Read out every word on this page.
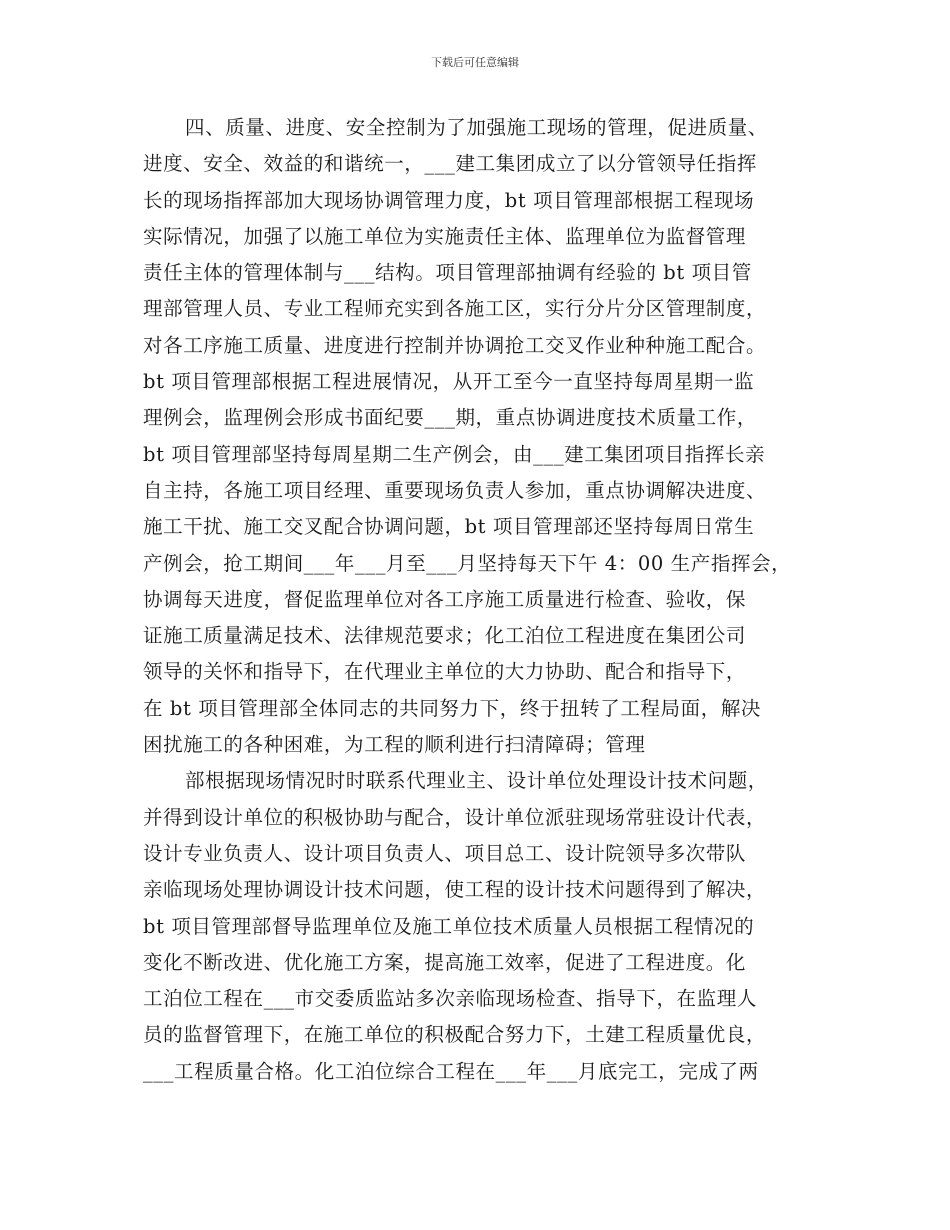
下载后可任意编辑
四、质量、进度、安全控制为了加强施工现场的管理，促进质量、
进度、安全、效益的和谐统一，___建工集团成立了以分管领导任指挥
长的现场指挥部加大现场协调管理力度，bt 项目管理部根据工程现场
实际情况，加强了以施工单位为实施责任主体、监理单位为监督管理
责任主体的管理体制与___结构。项目管理部抽调有经验的 bt 项目管
理部管理人员、专业工程师充实到各施工区，实行分片分区管理制度，
对各工序施工质量、进度进行控制并协调抢工交叉作业种种施工配合。
bt 项目管理部根据工程进展情况，从开工至今一直坚持每周星期一监
理例会，监理例会形成书面纪要___期，重点协调进度技术质量工作，
bt 项目管理部坚持每周星期二生产例会，由___建工集团项目指挥长亲
自主持，各施工项目经理、重要现场负责人参加，重点协调解决进度、
施工干扰、施工交叉配合协调问题，bt 项目管理部还坚持每周日常生
产例会，抢工期间___年___月至___月坚持每天下午 4：00 生产指挥会，
协调每天进度，督促监理单位对各工序施工质量进行检查、验收，保
证施工质量满足技术、法律规范要求；化工泊位工程进度在集团公司
领导的关怀和指导下，在代理业主单位的大力协助、配合和指导下，
在 bt 项目管理部全体同志的共同努力下，终于扭转了工程局面，解决
困扰施工的各种困难，为工程的顺利进行扫清障碍；管理
部根据现场情况时时联系代理业主、设计单位处理设计技术问题，
并得到设计单位的积极协助与配合，设计单位派驻现场常驻设计代表，
设计专业负责人、设计项目负责人、项目总工、设计院领导多次带队
亲临现场处理协调设计技术问题，使工程的设计技术问题得到了解决，
bt 项目管理部督导监理单位及施工单位技术质量人员根据工程情况的
变化不断改进、优化施工方案，提高施工效率，促进了工程进度。化
工泊位工程在___市交委质监站多次亲临现场检查、指导下，在监理人
员的监督管理下，在施工单位的积极配合努力下，土建工程质量优良，
___工程质量合格。化工泊位综合工程在___年___月底完工，完成了两
